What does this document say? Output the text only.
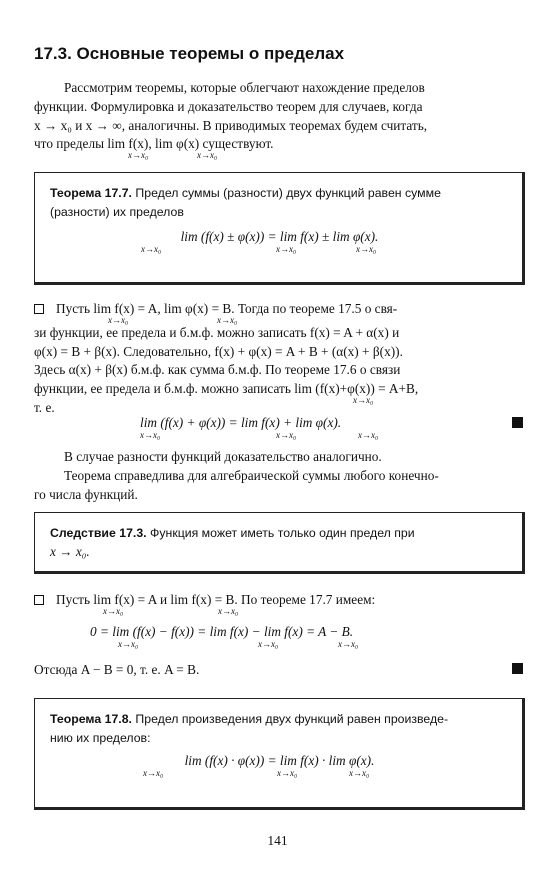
17.3. Основные теоремы о пределах
Рассмотрим теоремы, которые облегчают нахождение пределов
функции. Формулировка и доказательство теорем для случаев, когда
x → x₀ и x → ∞, аналогичны. В приводимых теоремах будем считать,
что пределы lim f(x), lim φ(x) существуют.
x→x₀	x→x₀
Теорема 17.7. Предел суммы (разности) двух функций равен сумме
(разности) их пределов
lim (f(x) ± φ(x)) = lim f(x) ± lim φ(x).
x→x₀	x→x₀	x→x₀
Пусть lim f(x) = A, lim φ(x) = B. Тогда по теореме 17.5 о свя-
x→x₀	x→x₀
зи функции, ее предела и б.м.ф. можно записать f(x) = A + α(x) и
φ(x) = B + β(x). Следовательно, f(x) + φ(x) = A + B + (α(x) + β(x)).
Здесь α(x) + β(x) б.м.ф. как сумма б.м.ф. По теореме 17.6 о связи
функции, ее предела и б.м.ф. можно записать lim (f(x)+φ(x)) = A+B,
x→x₀
т. е.
lim (f(x) + φ(x)) = lim f(x) + lim φ(x).
x→x₀	x→x₀	x→x₀
В случае разности функций доказательство аналогично.
Теорема справедлива для алгебраической суммы любого конечно-
го числа функций.
Следствие 17.3. Функция может иметь только один предел при
x → x₀.
Пусть lim f(x) = A и lim f(x) = B. По теореме 17.7 имеем:
x→x₀	x→x₀
0 = lim (f(x) − f(x)) = lim f(x) − lim f(x) = A − B.
x→x₀	x→x₀	x→x₀
Отсюда A − B = 0, т. е. A = B.
Теорема 17.8. Предел произведения двух функций равен произведе-
нию их пределов:
lim (f(x) · φ(x)) = lim f(x) · lim φ(x).
x→x₀	x→x₀	x→x₀
141
